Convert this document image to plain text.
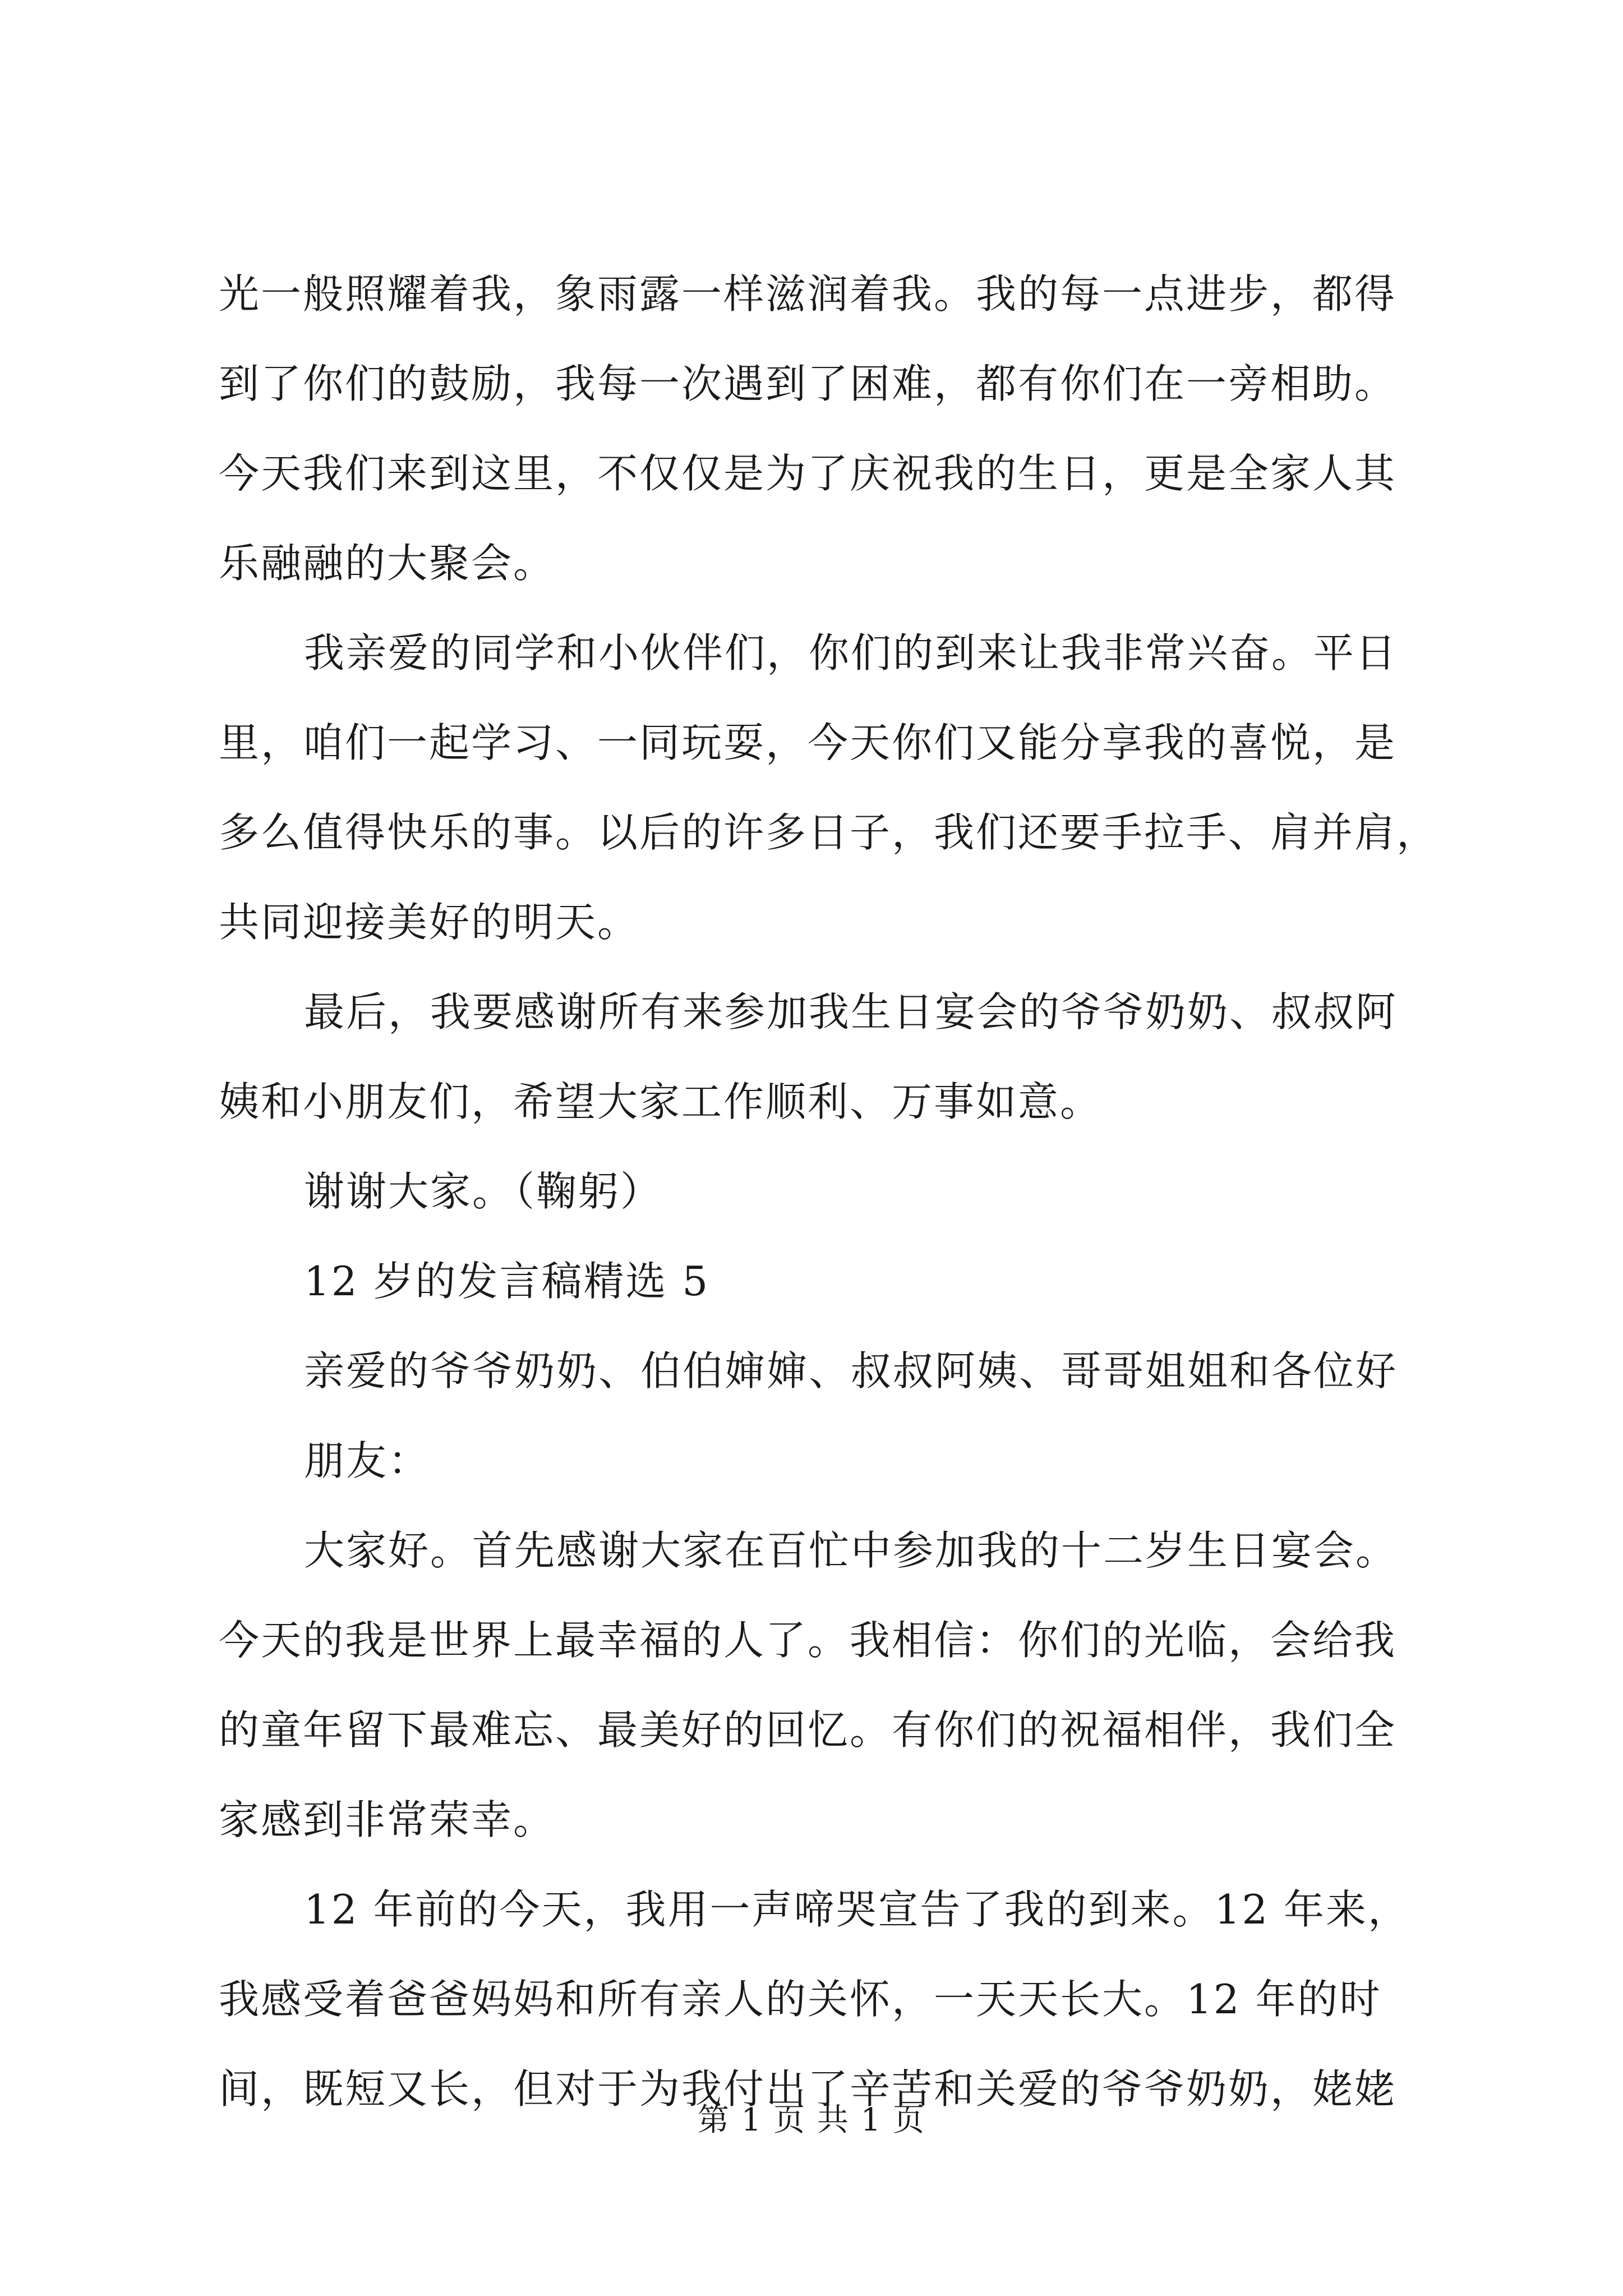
光一般照耀着我，象雨露一样滋润着我。我的每一点进步，都得
到了你们的鼓励，我每一次遇到了困难，都有你们在一旁相助。
今天我们来到这里，不仅仅是为了庆祝我的生日，更是全家人其
乐融融的大聚会。
我亲爱的同学和小伙伴们，你们的到来让我非常兴奋。平日
里，咱们一起学习、一同玩耍，今天你们又能分享我的喜悦，是
多么值得快乐的事。以后的许多日子，我们还要手拉手、肩并肩，
共同迎接美好的明天。
最后，我要感谢所有来参加我生日宴会的爷爷奶奶、叔叔阿
姨和小朋友们，希望大家工作顺利、万事如意。
谢谢大家。（鞠躬）
12 岁的发言稿精选 5
亲爱的爷爷奶奶、伯伯婶婶、叔叔阿姨、哥哥姐姐和各位好
朋友：
大家好。首先感谢大家在百忙中参加我的十二岁生日宴会。
今天的我是世界上最幸福的人了。我相信：你们的光临，会给我
的童年留下最难忘、最美好的回忆。有你们的祝福相伴，我们全
家感到非常荣幸。
12 年前的今天，我用一声啼哭宣告了我的到来。12 年来，
我感受着爸爸妈妈和所有亲人的关怀，一天天长大。12 年的时
间，既短又长，但对于为我付出了辛苦和关爱的爷爷奶奶，姥姥
第 1 页 共 1 页
